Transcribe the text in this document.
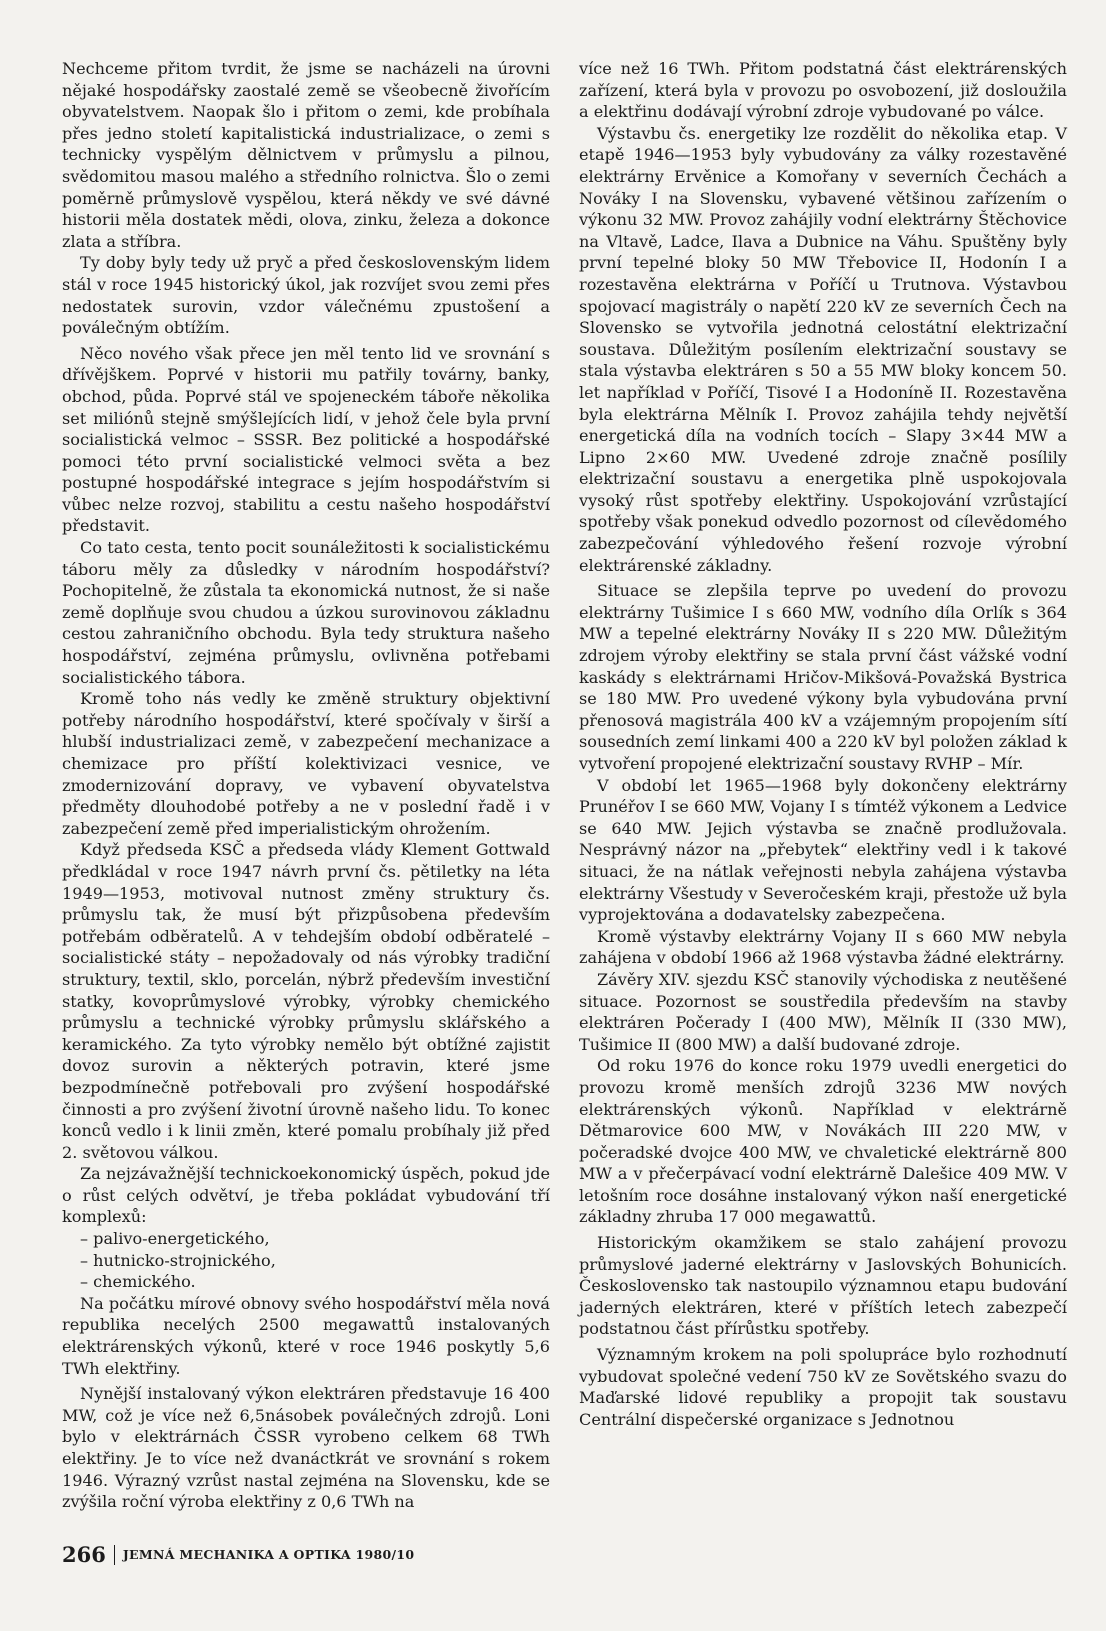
Nechceme přitom tvrdit, že jsme se nacházeli na úrovni nějaké hospodářsky zaostalé země se všeobecně živořícím obyvatelstvem. Naopak šlo i přitom o zemi, kde probíhala přes jedno století kapitalistická industrializace, o zemi s technicky vyspělým dělnictvem v průmyslu a pilnou, svědomitou masou malého a středního rolnictva. Šlo o zemi poměrně průmyslově vyspělou, která někdy ve své dávné historii měla dostatek mědi, olova, zinku, železa a dokonce zlata a stříbra.

Ty doby byly tedy už pryč a před československým lidem stál v roce 1945 historický úkol, jak rozvíjet svou zemi přes nedostatek surovin, vzdor válečnému zpustošení a poválečným obtížím.

Něco nového však přece jen měl tento lid ve srovnání s dřívějškem. Poprvé v historii mu patřily továrny, banky, obchod, půda. Poprvé stál ve spojeneckém táboře několika set miliónů stejně smýšlejících lidí, v jehož čele byla první socialistická velmoc – SSSR. Bez politické a hospodářské pomoci této první socialistické velmoci světa a bez postupné hospodářské integrace s jejím hospodářstvím si vůbec nelze rozvoj, stabilitu a cestu našeho hospodářství představit.

Co tato cesta, tento pocit sounáležitosti k socialistickému táboru měly za důsledky v národním hospodářství? Pochopitelně, že zůstala ta ekonomická nutnost, že si naše země doplňuje svou chudou a úzkou surovinovou základnu cestou zahraničního obchodu. Byla tedy struktura našeho hospodářství, zejména průmyslu, ovlivněna potřebami socialistického tábora.

Kromě toho nás vedly ke změně struktury objektivní potřeby národního hospodářství, které spočívaly v širší a hlubší industrializaci země, v zabezpečení mechanizace a chemizace pro příští kolektivizaci vesnice, ve zmodernizování dopravy, ve vybavení obyvatelstva předměty dlouhodobé potřeby a ne v poslední řadě i v zabezpečení země před imperialistickým ohrožením.

Když předseda KSČ a předseda vlády Klement Gottwald předkládal v roce 1947 návrh první čs. pětiletky na léta 1949—1953, motivoval nutnost změny struktury čs. průmyslu tak, že musí být přizpůsobena především potřebám odběratelů. A v tehdejším období odběratelé – socialistické státy – nepožadovaly od nás výrobky tradiční struktury, textil, sklo, porcelán, nýbrž především investiční statky, kovoprůmyslové výrobky, výrobky chemického průmyslu a technické výrobky průmyslu sklářského a keramického. Za tyto výrobky nemělo být obtížné zajistit dovoz surovin a některých potravin, které jsme bezpodmínečně potřebovali pro zvýšení hospodářské činnosti a pro zvýšení životní úrovně našeho lidu. To konec konců vedlo i k linii změn, které pomalu probíhaly již před 2. světovou válkou.

Za nejzávažnější technickoekonomický úspěch, pokud jde o růst celých odvětví, je třeba pokládat vybudování tří komplexů:

– palivo-energetického,
– hutnicko-strojnického,
– chemického.

Na počátku mírové obnovy svého hospodářství měla nová republika necelých 2500 megawattů instalovaných elektrárenských výkonů, které v roce 1946 poskytly 5,6 TWh elektřiny.

Nynější instalovaný výkon elektráren představuje 16 400 MW, což je více než 6,5násobek poválečných zdrojů. Loni bylo v elektrárnách ČSSR vyrobeno celkem 68 TWh elektřiny. Je to více než dvanáctkrát ve srovnání s rokem 1946. Výrazný vzrůst nastal zejména na Slovensku, kde se zvýšila roční výroba elektřiny z 0,6 TWh na

více než 16 TWh. Přitom podstatná část elektrárenských zařízení, která byla v provozu po osvobození, již dosloužila a elektřinu dodávají výrobní zdroje vybudované po válce.

Výstavbu čs. energetiky lze rozdělit do několika etap. V etapě 1946—1953 byly vybudovány za války rozestavěné elektrárny Ervěnice a Komořany v severních Čechách a Nováky I na Slovensku, vybavené většinou zařízením o výkonu 32 MW. Provoz zahájily vodní elektrárny Štěchovice na Vltavě, Ladce, Ilava a Dubnice na Váhu. Spuštěny byly první tepelné bloky 50 MW Třebovice II, Hodonín I a rozestavěna elektrárna v Poříčí u Trutnova. Výstavbou spojovací magistrály o napětí 220 kV ze severních Čech na Slovensko se vytvořila jednotná celostátní elektrizační soustava. Důležitým posílením elektrizační soustavy se stala výstavba elektráren s 50 a 55 MW bloky koncem 50. let například v Poříčí, Tisové I a Hodoníně II. Rozestavěna byla elektrárna Mělník I. Provoz zahájila tehdy největší energetická díla na vodních tocích – Slapy 3×44 MW a Lipno 2×60 MW. Uvedené zdroje značně posílily elektrizační soustavu a energetika plně uspokojovala vysoký růst spotřeby elektřiny. Uspokojování vzrůstající spotřeby však ponekud odvedlo pozornost od cílevědomého zabezpečování výhledového řešení rozvoje výrobní elektrárenské základny.

Situace se zlepšila teprve po uvedení do provozu elektrárny Tušimice I s 660 MW, vodního díla Orlík s 364 MW a tepelné elektrárny Nováky II s 220 MW. Důležitým zdrojem výroby elektřiny se stala první část vážské vodní kaskády s elektrárnami Hričov-Mikšová-Považská Bystrica se 180 MW. Pro uvedené výkony byla vybudována první přenosová magistrála 400 kV a vzájemným propojením sítí sousedních zemí linkami 400 a 220 kV byl položen základ k vytvoření propojené elektrizační soustavy RVHP – Mír.

V období let 1965—1968 byly dokončeny elektrárny Prunéřov I se 660 MW, Vojany I s tímtéž výkonem a Ledvice se 640 MW. Jejich výstavba se značně prodlužovala. Nesprávný názor na „přebytek“ elektřiny vedl i k takové situaci, že na nátlak veřejnosti nebyla zahájena výstavba elektrárny Všestudy v Severočeském kraji, přestože už byla vyprojektována a dodavatelsky zabezpečena.

Kromě výstavby elektrárny Vojany II s 660 MW nebyla zahájena v období 1966 až 1968 výstavba žádné elektrárny.

Závěry XIV. sjezdu KSČ stanovily východiska z neutěšené situace. Pozornost se soustředila především na stavby elektráren Počerady I (400 MW), Mělník II (330 MW), Tušimice II (800 MW) a další budované zdroje.

Od roku 1976 do konce roku 1979 uvedli energetici do provozu kromě menších zdrojů 3236 MW nových elektrárenských výkonů. Například v elektrárně Dětmarovice 600 MW, v Novákách III 220 MW, v počeradské dvojce 400 MW, ve chvaletické elektrárně 800 MW a v přečerpávací vodní elektrárně Dalešice 409 MW. V letošním roce dosáhne instalovaný výkon naší energetické základny zhruba 17 000 megawattů.

Historickým okamžikem se stalo zahájení provozu průmyslové jaderné elektrárny v Jaslovských Bohunicích. Československo tak nastoupilo významnou etapu budování jaderných elektráren, které v příštích letech zabezpečí podstatnou část přírůstku spotřeby.

Významným krokem na poli spolupráce bylo rozhodnutí vybudovat společné vedení 750 kV ze Sovětského svazu do Maďarské lidové republiky a propojit tak soustavu Centrální dispečerské organizace s Jednotnou

266 JEMNÁ MECHANIKA A OPTIKA 1980/10
